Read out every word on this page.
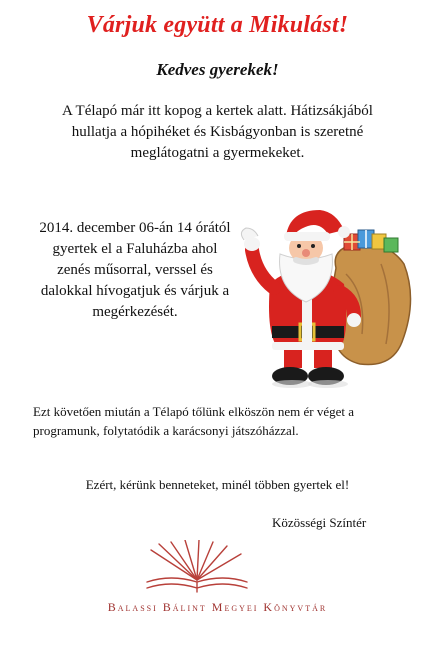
Várjuk együtt a Mikulást!
Kedves gyerekek!
A Télapó már itt kopog a kertek alatt. Hátizsákjából hullatja a hópihéket és Kisbágyonban is szeretné meglátogatni a gyermekeket.
2014. december 06-án 14 órától gyertek el a Faluházba ahol zenés műsorral, verssel és dalokkal hívogatjuk és várjuk a megérkezését.
Ezt követően miután a Télapó tőlünk elköszön nem ér véget a programunk, folytatódik a karácsonyi játszóházzal.
Ezért, kérünk benneteket, minél többen gyertek el!
Közösségi Színtér
Balassi Bálint Megyei Könyvtár
